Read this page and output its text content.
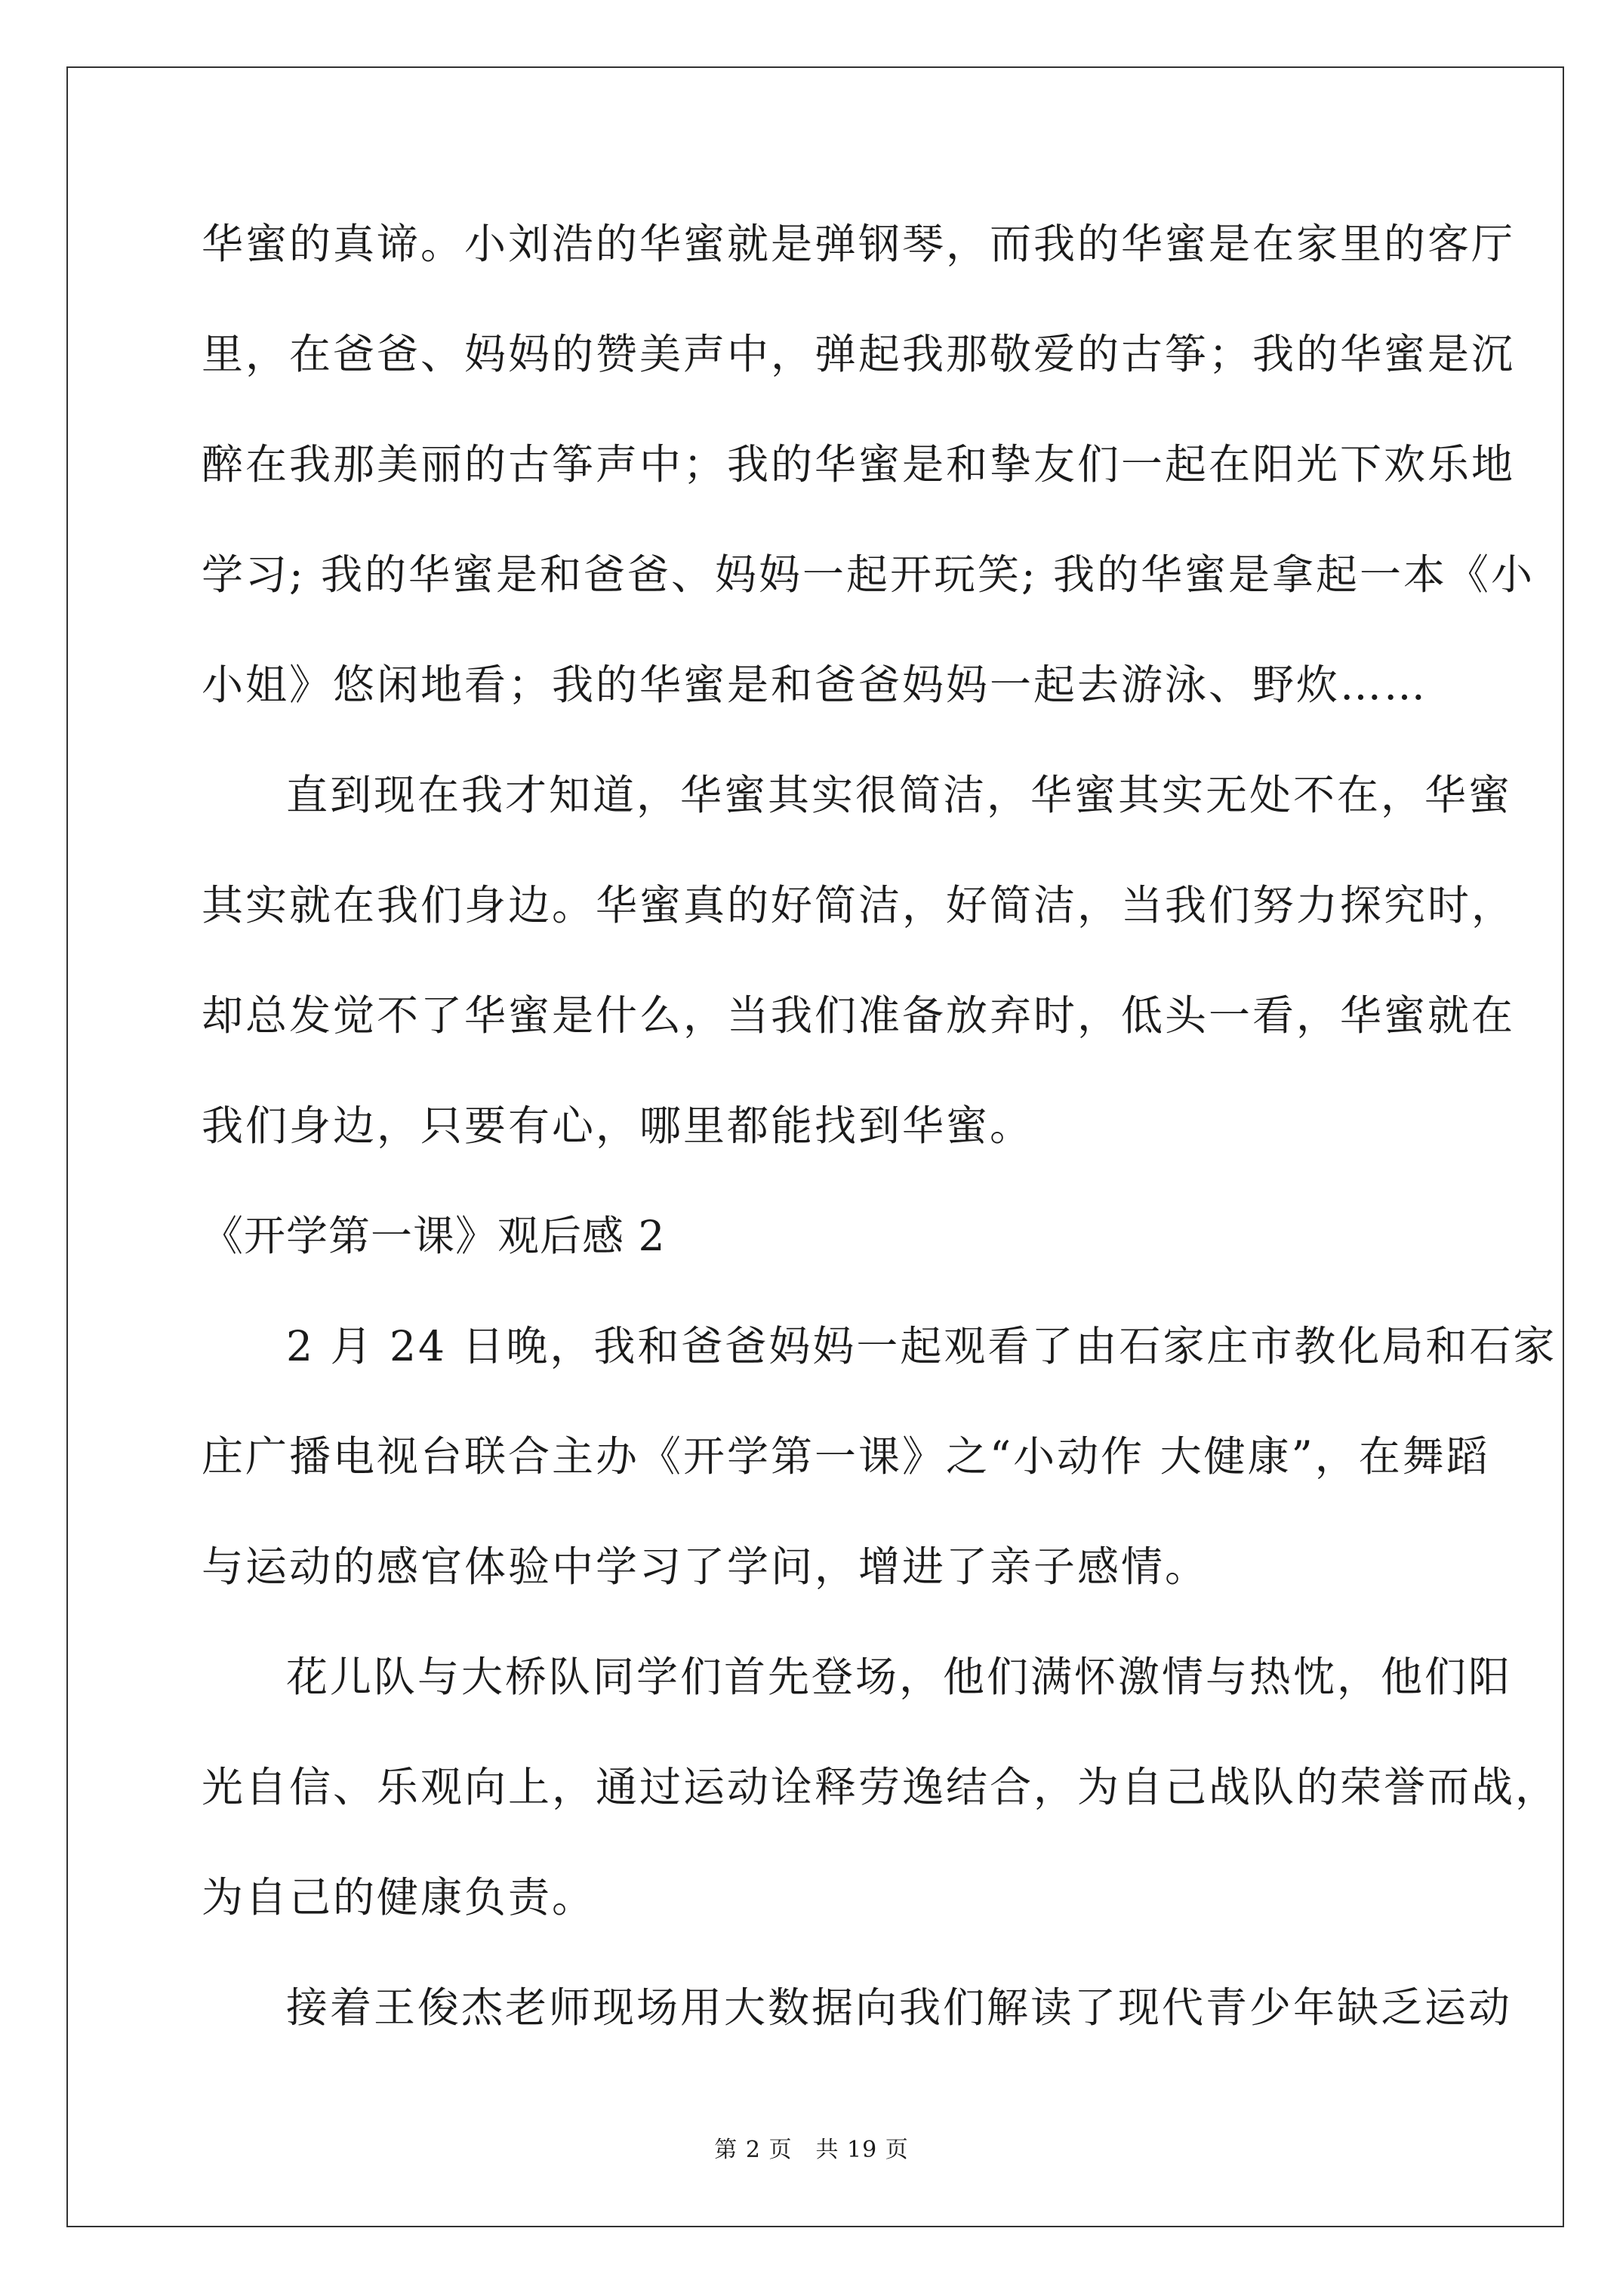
华蜜的真谛。小刘浩的华蜜就是弹钢琴，而我的华蜜是在家里的客厅
里，在爸爸、妈妈的赞美声中，弹起我那敬爱的古筝；我的华蜜是沉
醉在我那美丽的古筝声中；我的华蜜是和挚友们一起在阳光下欢乐地
学习; 我的华蜜是和爸爸、妈妈一起开玩笑; 我的华蜜是拿起一本《小
小姐》悠闲地看；我的华蜜是和爸爸妈妈一起去游泳、野炊……
直到现在我才知道，华蜜其实很简洁，华蜜其实无处不在，华蜜
其实就在我们身边。华蜜真的好简洁，好简洁，当我们努力探究时，
却总发觉不了华蜜是什么，当我们准备放弃时，低头一看，华蜜就在
我们身边，只要有心，哪里都能找到华蜜。
《开学第一课》观后感 2
2 月 24 日晚，我和爸爸妈妈一起观看了由石家庄市教化局和石家
庄广播电视台联合主办《开学第一课》之“小动作 大健康”，在舞蹈
与运动的感官体验中学习了学问，增进了亲子感情。
花儿队与大桥队同学们首先登场，他们满怀激情与热忱，他们阳
光自信、乐观向上，通过运动诠释劳逸结合，为自己战队的荣誉而战，
为自己的健康负责。
接着王俊杰老师现场用大数据向我们解读了现代青少年缺乏运动
第 2 页　共 19 页
